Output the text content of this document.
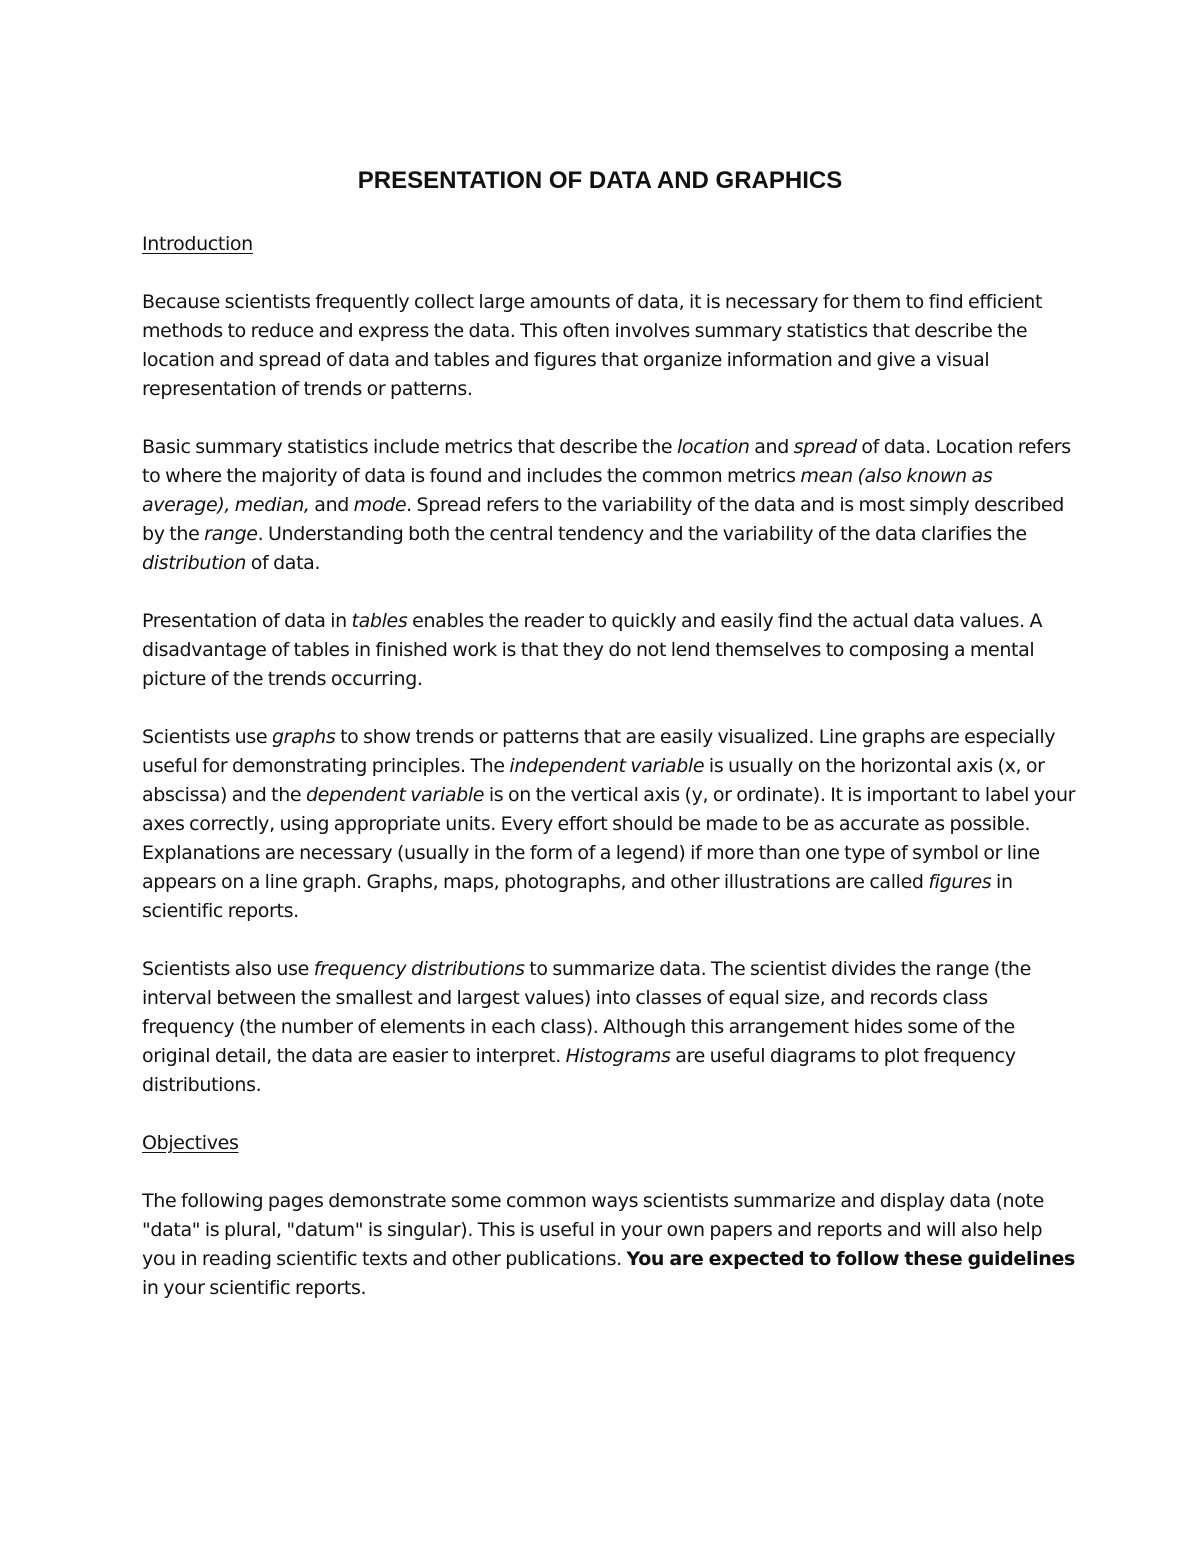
PRESENTATION OF DATA AND GRAPHICS
Introduction

Because scientists frequently collect large amounts of data, it is necessary for them to find efficient methods to reduce and express the data. This often involves summary statistics that describe the location and spread of data and tables and figures that organize information and give a visual representation of trends or patterns.

Basic summary statistics include metrics that describe the location and spread of data. Location refers to where the majority of data is found and includes the common metrics mean (also known as average), median, and mode. Spread refers to the variability of the data and is most simply described by the range. Understanding both the central tendency and the variability of the data clarifies the distribution of data.

Presentation of data in tables enables the reader to quickly and easily find the actual data values. A disadvantage of tables in finished work is that they do not lend themselves to composing a mental picture of the trends occurring.

Scientists use graphs to show trends or patterns that are easily visualized. Line graphs are especially useful for demonstrating principles. The independent variable is usually on the horizontal axis (x, or abscissa) and the dependent variable is on the vertical axis (y, or ordinate). It is important to label your axes correctly, using appropriate units. Every effort should be made to be as accurate as possible. Explanations are necessary (usually in the form of a legend) if more than one type of symbol or line appears on a line graph. Graphs, maps, photographs, and other illustrations are called figures in scientific reports.

Scientists also use frequency distributions to summarize data. The scientist divides the range (the interval between the smallest and largest values) into classes of equal size, and records class frequency (the number of elements in each class). Although this arrangement hides some of the original detail, the data are easier to interpret. Histograms are useful diagrams to plot frequency distributions.

Objectives

The following pages demonstrate some common ways scientists summarize and display data (note "data" is plural, "datum" is singular). This is useful in your own papers and reports and will also help you in reading scientific texts and other publications. You are expected to follow these guidelines in your scientific reports.
